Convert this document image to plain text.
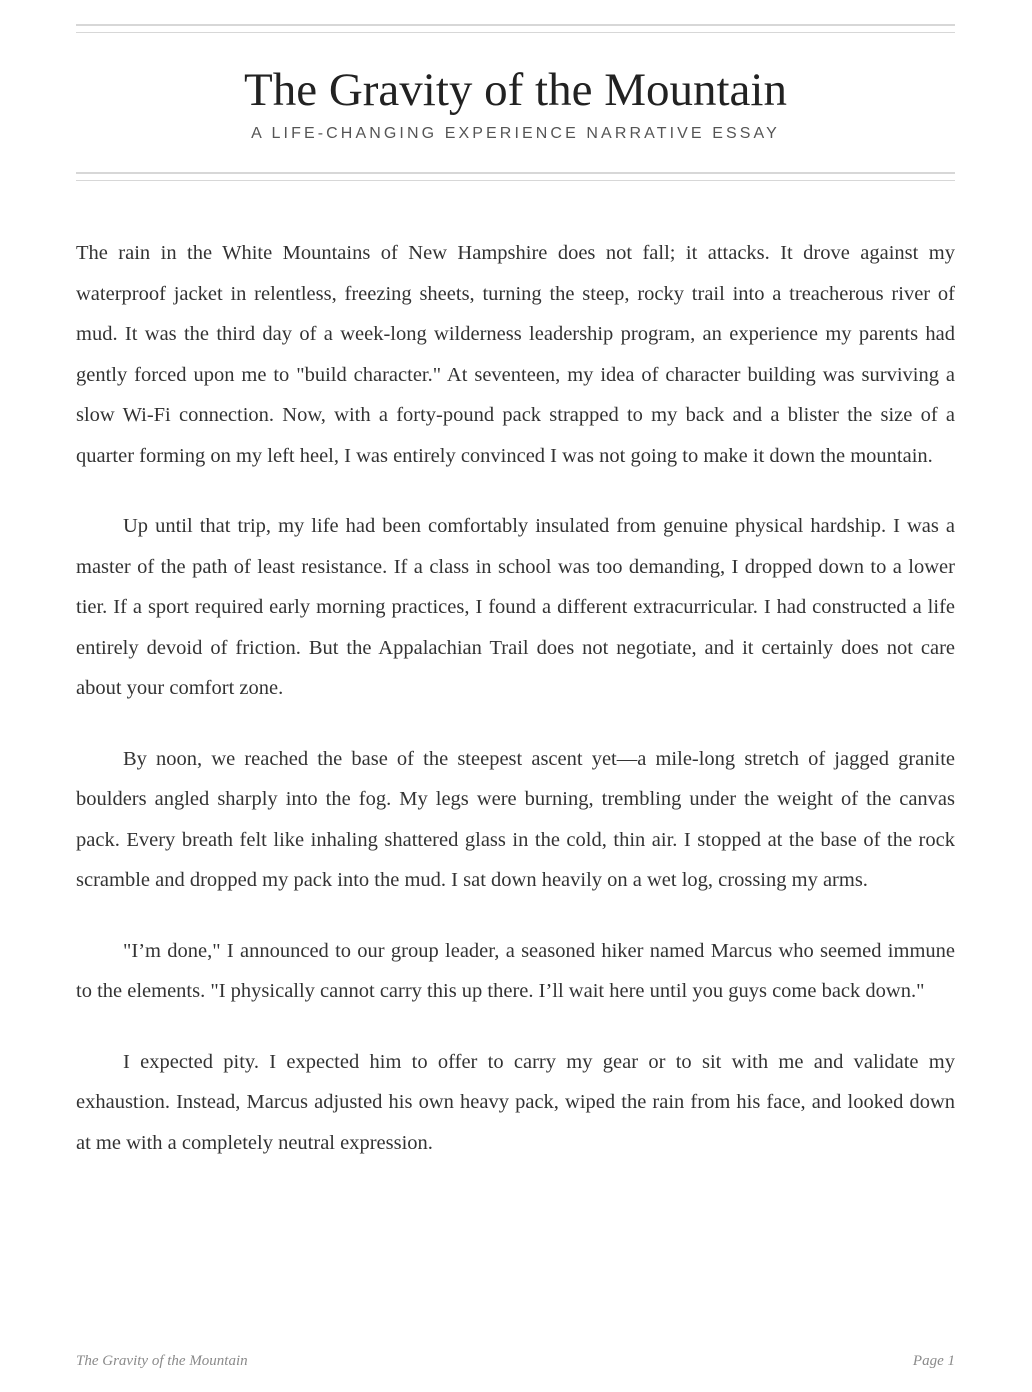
The Gravity of the Mountain
A LIFE-CHANGING EXPERIENCE NARRATIVE ESSAY

The rain in the White Mountains of New Hampshire does not fall; it attacks. It drove against my waterproof jacket in relentless, freezing sheets, turning the steep, rocky trail into a treacherous river of mud. It was the third day of a week-long wilderness leadership program, an experience my parents had gently forced upon me to "build character." At seventeen, my idea of character building was surviving a slow Wi-Fi connection. Now, with a forty-pound pack strapped to my back and a blister the size of a quarter forming on my left heel, I was entirely convinced I was not going to make it down the mountain.

Up until that trip, my life had been comfortably insulated from genuine physical hardship. I was a master of the path of least resistance. If a class in school was too demanding, I dropped down to a lower tier. If a sport required early morning practices, I found a different extracurricular. I had constructed a life entirely devoid of friction. But the Appalachian Trail does not negotiate, and it certainly does not care about your comfort zone.

By noon, we reached the base of the steepest ascent yet—a mile-long stretch of jagged granite boulders angled sharply into the fog. My legs were burning, trembling under the weight of the canvas pack. Every breath felt like inhaling shattered glass in the cold, thin air. I stopped at the base of the rock scramble and dropped my pack into the mud. I sat down heavily on a wet log, crossing my arms.

"I’m done," I announced to our group leader, a seasoned hiker named Marcus who seemed immune to the elements. "I physically cannot carry this up there. I’ll wait here until you guys come back down."

I expected pity. I expected him to offer to carry my gear or to sit with me and validate my exhaustion. Instead, Marcus adjusted his own heavy pack, wiped the rain from his face, and looked down at me with a completely neutral expression.

The Gravity of the Mountain	Page 1
